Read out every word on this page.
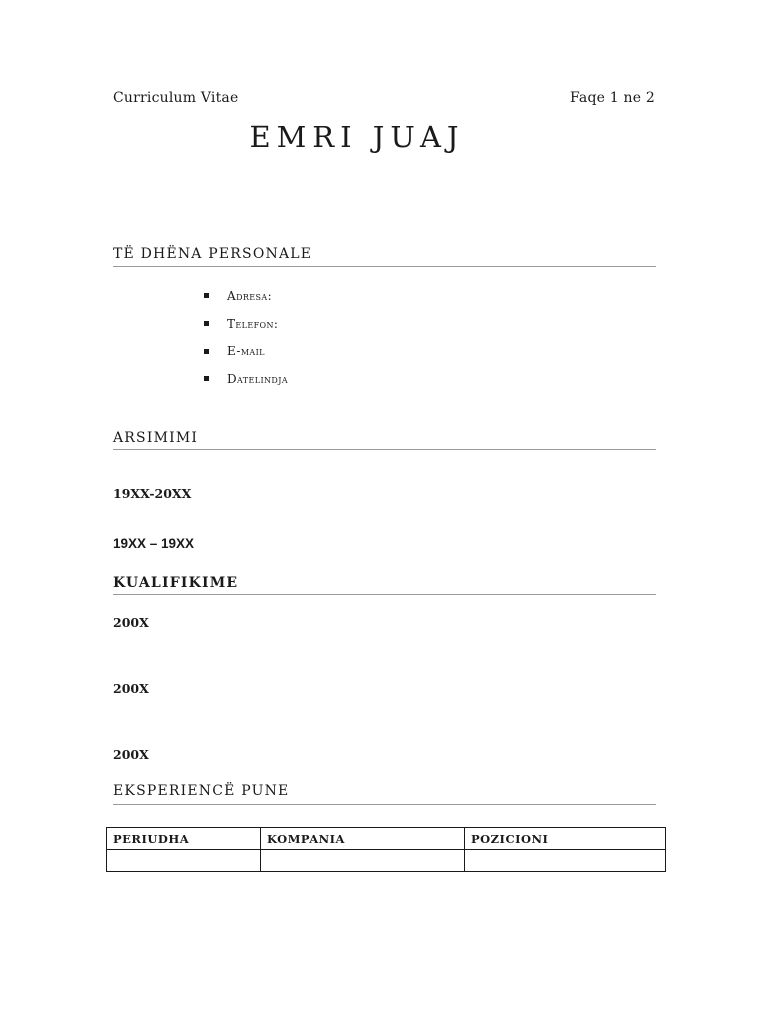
Curriculum Vitae	Faqe 1 ne 2
EMRI JUAJ
TË DHËNA PERSONALE
Adresa:
Telefon:
E-mail
Datelindja
ARSIMIMI
19XX-20XX
19XX – 19XX
KUALIFIKIME
200X
200X
200X
EKSPERIENCË PUNE
PERIUDHA	KOMPANIA	POZICIONI
